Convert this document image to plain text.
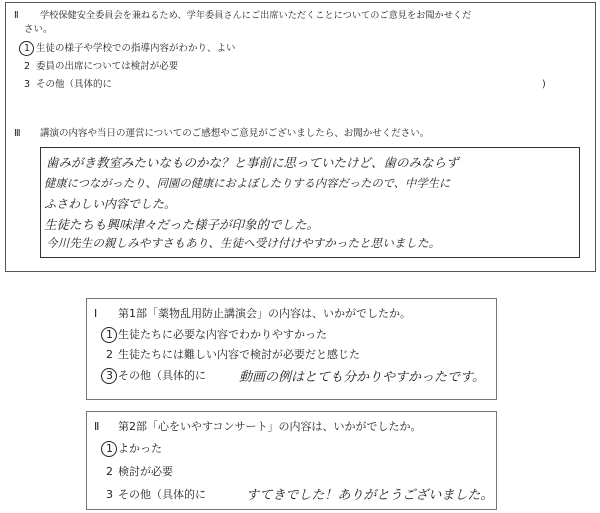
Ⅱ 学校保健安全委員会を兼ねるため、学年委員さんにご出席いただくことについてのご意見をお聞かせくだ
さい。
1 生徒の様子や学校での指導内容がわかり、よい
2 委員の出席については検討が必要
3 その他（具体的に	)
Ⅲ 講演の内容や当日の運営についてのご感想やご意見がございましたら、お聞かせください。
歯みがき教室みたいなものかな？と事前に思っていたけど、歯のみならず
健康につながったり、同園の健康におよぼしたりする内容だったので、中学生に
ふさわしい内容でした。
生徒たちも興味津々だった様子が印象的でした。
今川先生の親しみやすさもあり、生徒へ受け付けやすかったと思いました。
Ⅰ 第1部「薬物乱用防止講演会」の内容は、いかがでしたか。
1 生徒たちに必要な内容でわかりやすかった
2 生徒たちには難しい内容で検討が必要だと感じた
3 その他（具体的に	動画の例はとても分かりやすかったです。
Ⅱ 第2部「心をいやすコンサート」の内容は、いかがでしたか。
1 よかった
2 検討が必要
3 その他（具体的に	すてきでした！ありがとうございました。
